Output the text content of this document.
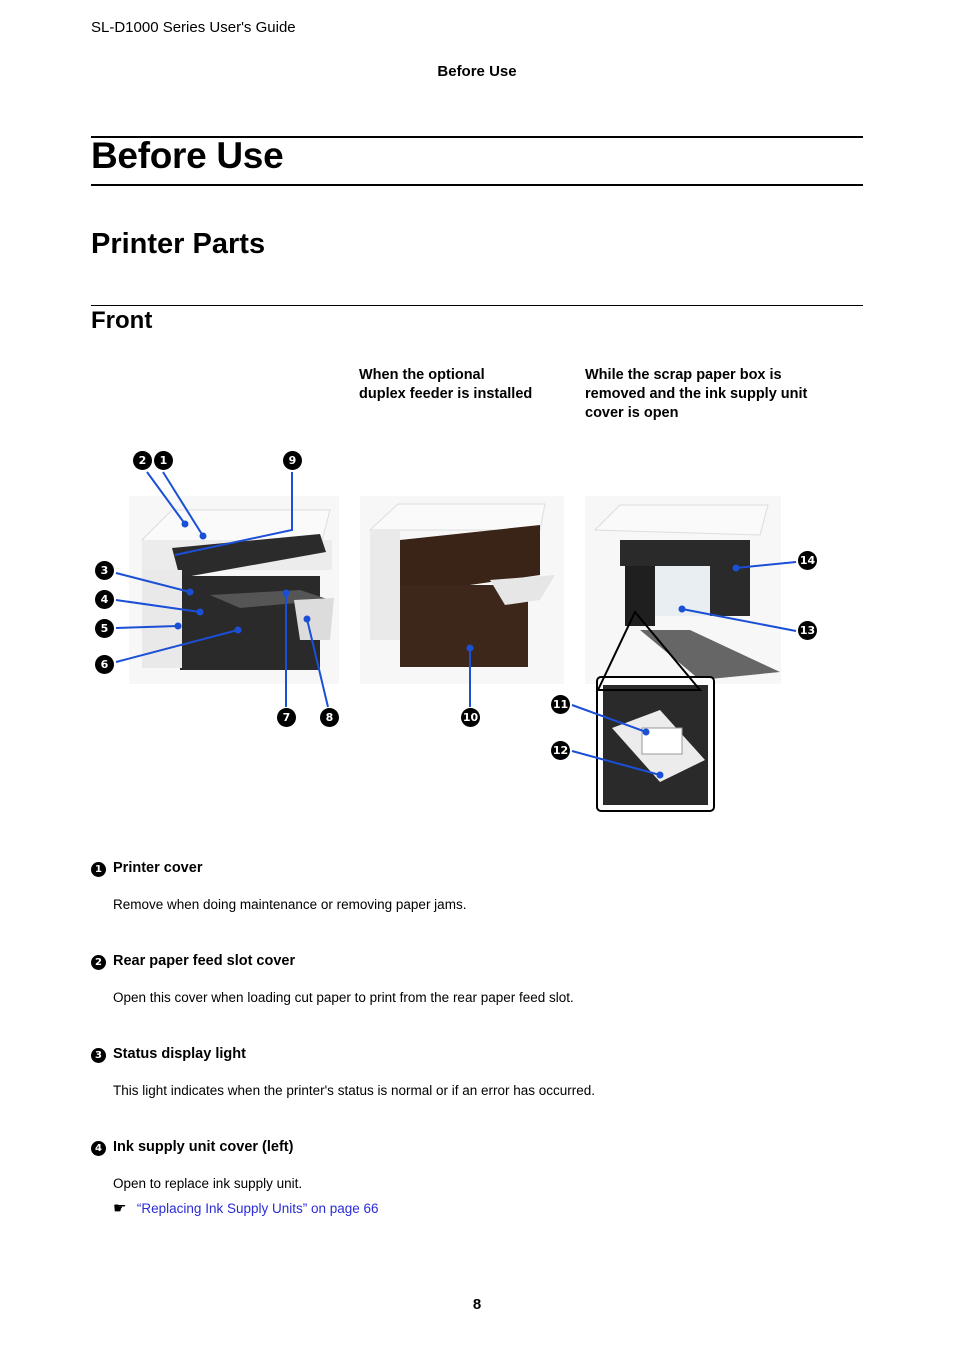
SL-D1000 Series User's Guide
Before Use
Before Use
Printer Parts
Front
When the optional
duplex feeder is installed
While the scrap paper box is
removed and the ink supply unit
cover is open
2	1	9
3
4
5
6
7	8	10
14
13
11
12
1 Printer cover
Remove when doing maintenance or removing paper jams.
2 Rear paper feed slot cover
Open this cover when loading cut paper to print from the rear paper feed slot.
3 Status display light
This light indicates when the printer's status is normal or if an error has occurred.
4 Ink supply unit cover (left)
Open to replace ink supply unit.
☛ “Replacing Ink Supply Units” on page 66
8
